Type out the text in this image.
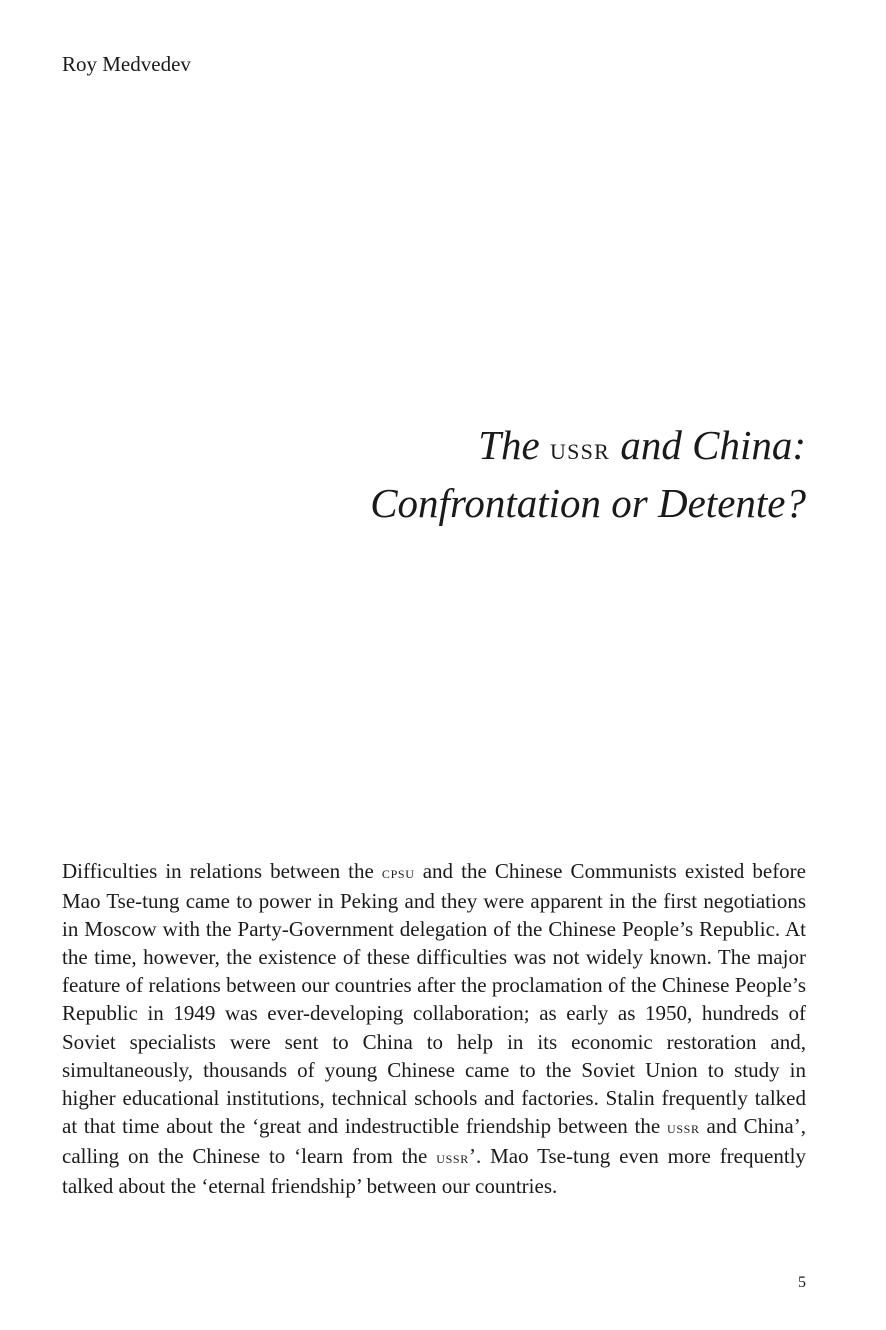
Roy Medvedev

The ussr and China:
Confrontation or Detente?

Difficulties in relations between the cpsu and the Chinese Communists existed before Mao Tse-tung came to power in Peking and they were apparent in the first negotiations in Moscow with the Party-Government delegation of the Chinese People’s Republic. At the time, however, the existence of these difficulties was not widely known. The major feature of relations between our countries after the proclamation of the Chinese People’s Republic in 1949 was ever-developing collaboration; as early as 1950, hundreds of Soviet specialists were sent to China to help in its economic restoration and, simultaneously, thousands of young Chinese came to the Soviet Union to study in higher educational institutions, technical schools and factories. Stalin frequently talked at that time about the ‘great and indestructible friendship between the ussr and China’, calling on the Chinese to ‘learn from the ussr’. Mao Tse-tung even more frequently talked about the ‘eternal friendship’ between our countries.

5
